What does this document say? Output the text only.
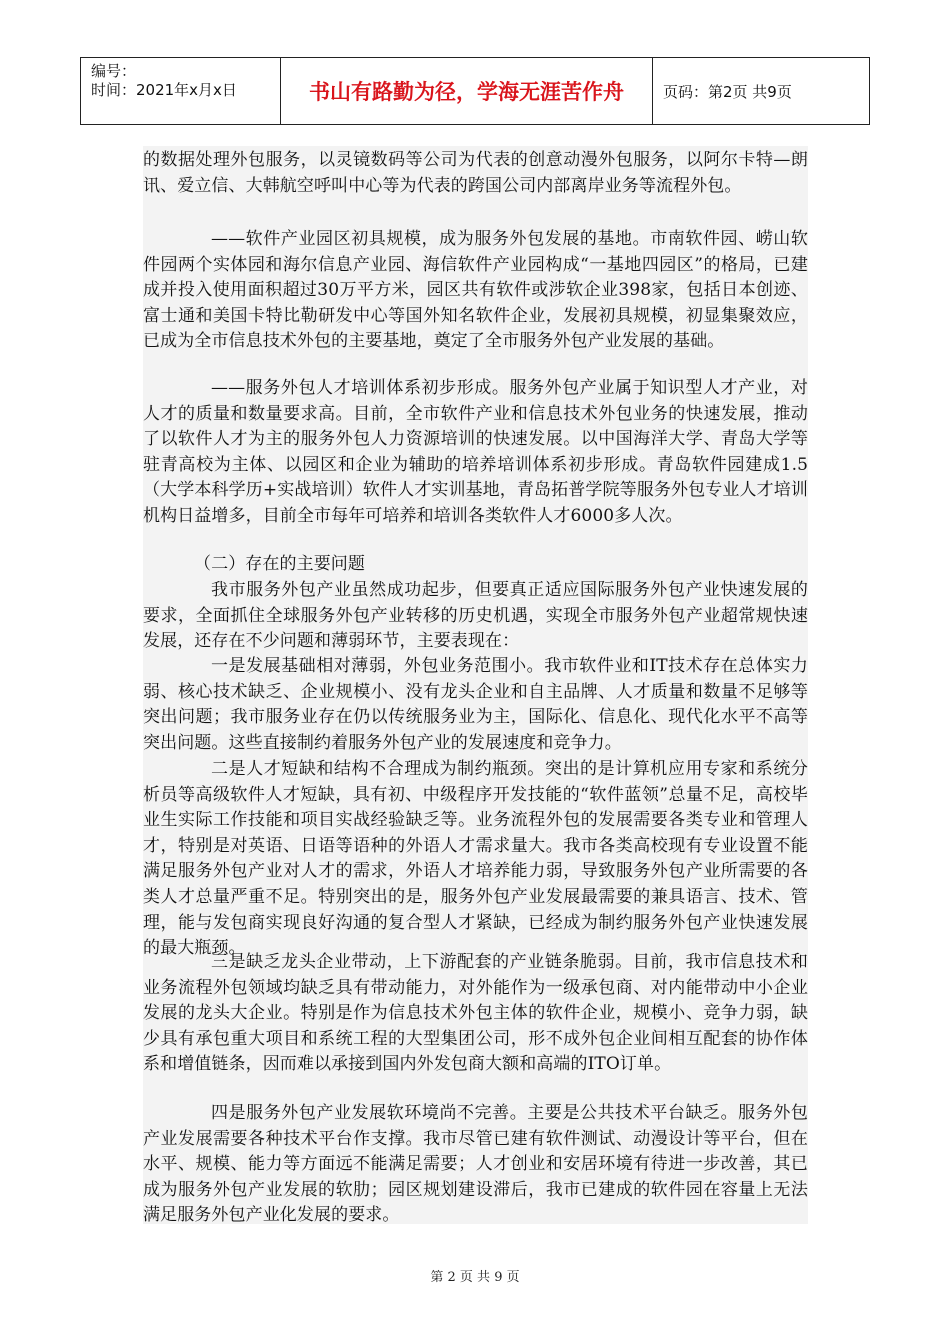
编号：
时间：2021年x月x日	书山有路勤为径，学海无涯苦作舟	页码：第2页 共9页

的数据处理外包服务，以灵镜数码等公司为代表的创意动漫外包服务，以阿尔卡特—朗讯、爱立信、大韩航空呼叫中心等为代表的跨国公司内部离岸业务等流程外包。

——软件产业园区初具规模，成为服务外包发展的基地。市南软件园、崂山软件园两个实体园和海尔信息产业园、海信软件产业园构成“一基地四园区”的格局，已建成并投入使用面积超过30万平方米，园区共有软件或涉软企业398家，包括日本创迹、富士通和美国卡特比勒研发中心等国外知名软件企业，发展初具规模，初显集聚效应，已成为全市信息技术外包的主要基地，奠定了全市服务外包产业发展的基础。

——服务外包人才培训体系初步形成。服务外包产业属于知识型人才产业，对人才的质量和数量要求高。目前，全市软件产业和信息技术外包业务的快速发展，推动了以软件人才为主的服务外包人力资源培训的快速发展。以中国海洋大学、青岛大学等驻青高校为主体、以园区和企业为辅助的培养培训体系初步形成。青岛软件园建成1.5（大学本科学历+实战培训）软件人才实训基地，青岛拓普学院等服务外包专业人才培训机构日益增多，目前全市每年可培养和培训各类软件人才6000多人次。

（二）存在的主要问题

我市服务外包产业虽然成功起步，但要真正适应国际服务外包产业快速发展的要求，全面抓住全球服务外包产业转移的历史机遇，实现全市服务外包产业超常规快速发展，还存在不少问题和薄弱环节，主要表现在：

一是发展基础相对薄弱，外包业务范围小。我市软件业和IT技术存在总体实力弱、核心技术缺乏、企业规模小、没有龙头企业和自主品牌、人才质量和数量不足够等突出问题；我市服务业存在仍以传统服务业为主，国际化、信息化、现代化水平不高等突出问题。这些直接制约着服务外包产业的发展速度和竞争力。

二是人才短缺和结构不合理成为制约瓶颈。突出的是计算机应用专家和系统分析员等高级软件人才短缺，具有初、中级程序开发技能的“软件蓝领”总量不足，高校毕业生实际工作技能和项目实战经验缺乏等。业务流程外包的发展需要各类专业和管理人才，特别是对英语、日语等语种的外语人才需求量大。我市各类高校现有专业设置不能满足服务外包产业对人才的需求，外语人才培养能力弱，导致服务外包产业所需要的各类人才总量严重不足。特别突出的是，服务外包产业发展最需要的兼具语言、技术、管理，能与发包商实现良好沟通的复合型人才紧缺，已经成为制约服务外包产业快速发展的最大瓶颈。

三是缺乏龙头企业带动，上下游配套的产业链条脆弱。目前，我市信息技术和业务流程外包领域均缺乏具有带动能力，对外能作为一级承包商、对内能带动中小企业发展的龙头大企业。特别是作为信息技术外包主体的软件企业，规模小、竞争力弱，缺少具有承包重大项目和系统工程的大型集团公司，形不成外包企业间相互配套的协作体系和增值链条，因而难以承接到国内外发包商大额和高端的ITO订单。

四是服务外包产业发展软环境尚不完善。主要是公共技术平台缺乏。服务外包产业发展需要各种技术平台作支撑。我市尽管已建有软件测试、动漫设计等平台，但在水平、规模、能力等方面远不能满足需要；人才创业和安居环境有待进一步改善，其已成为服务外包产业发展的软肋；园区规划建设滞后，我市已建成的软件园在容量上无法满足服务外包产业化发展的要求。

第 2 页 共 9 页
